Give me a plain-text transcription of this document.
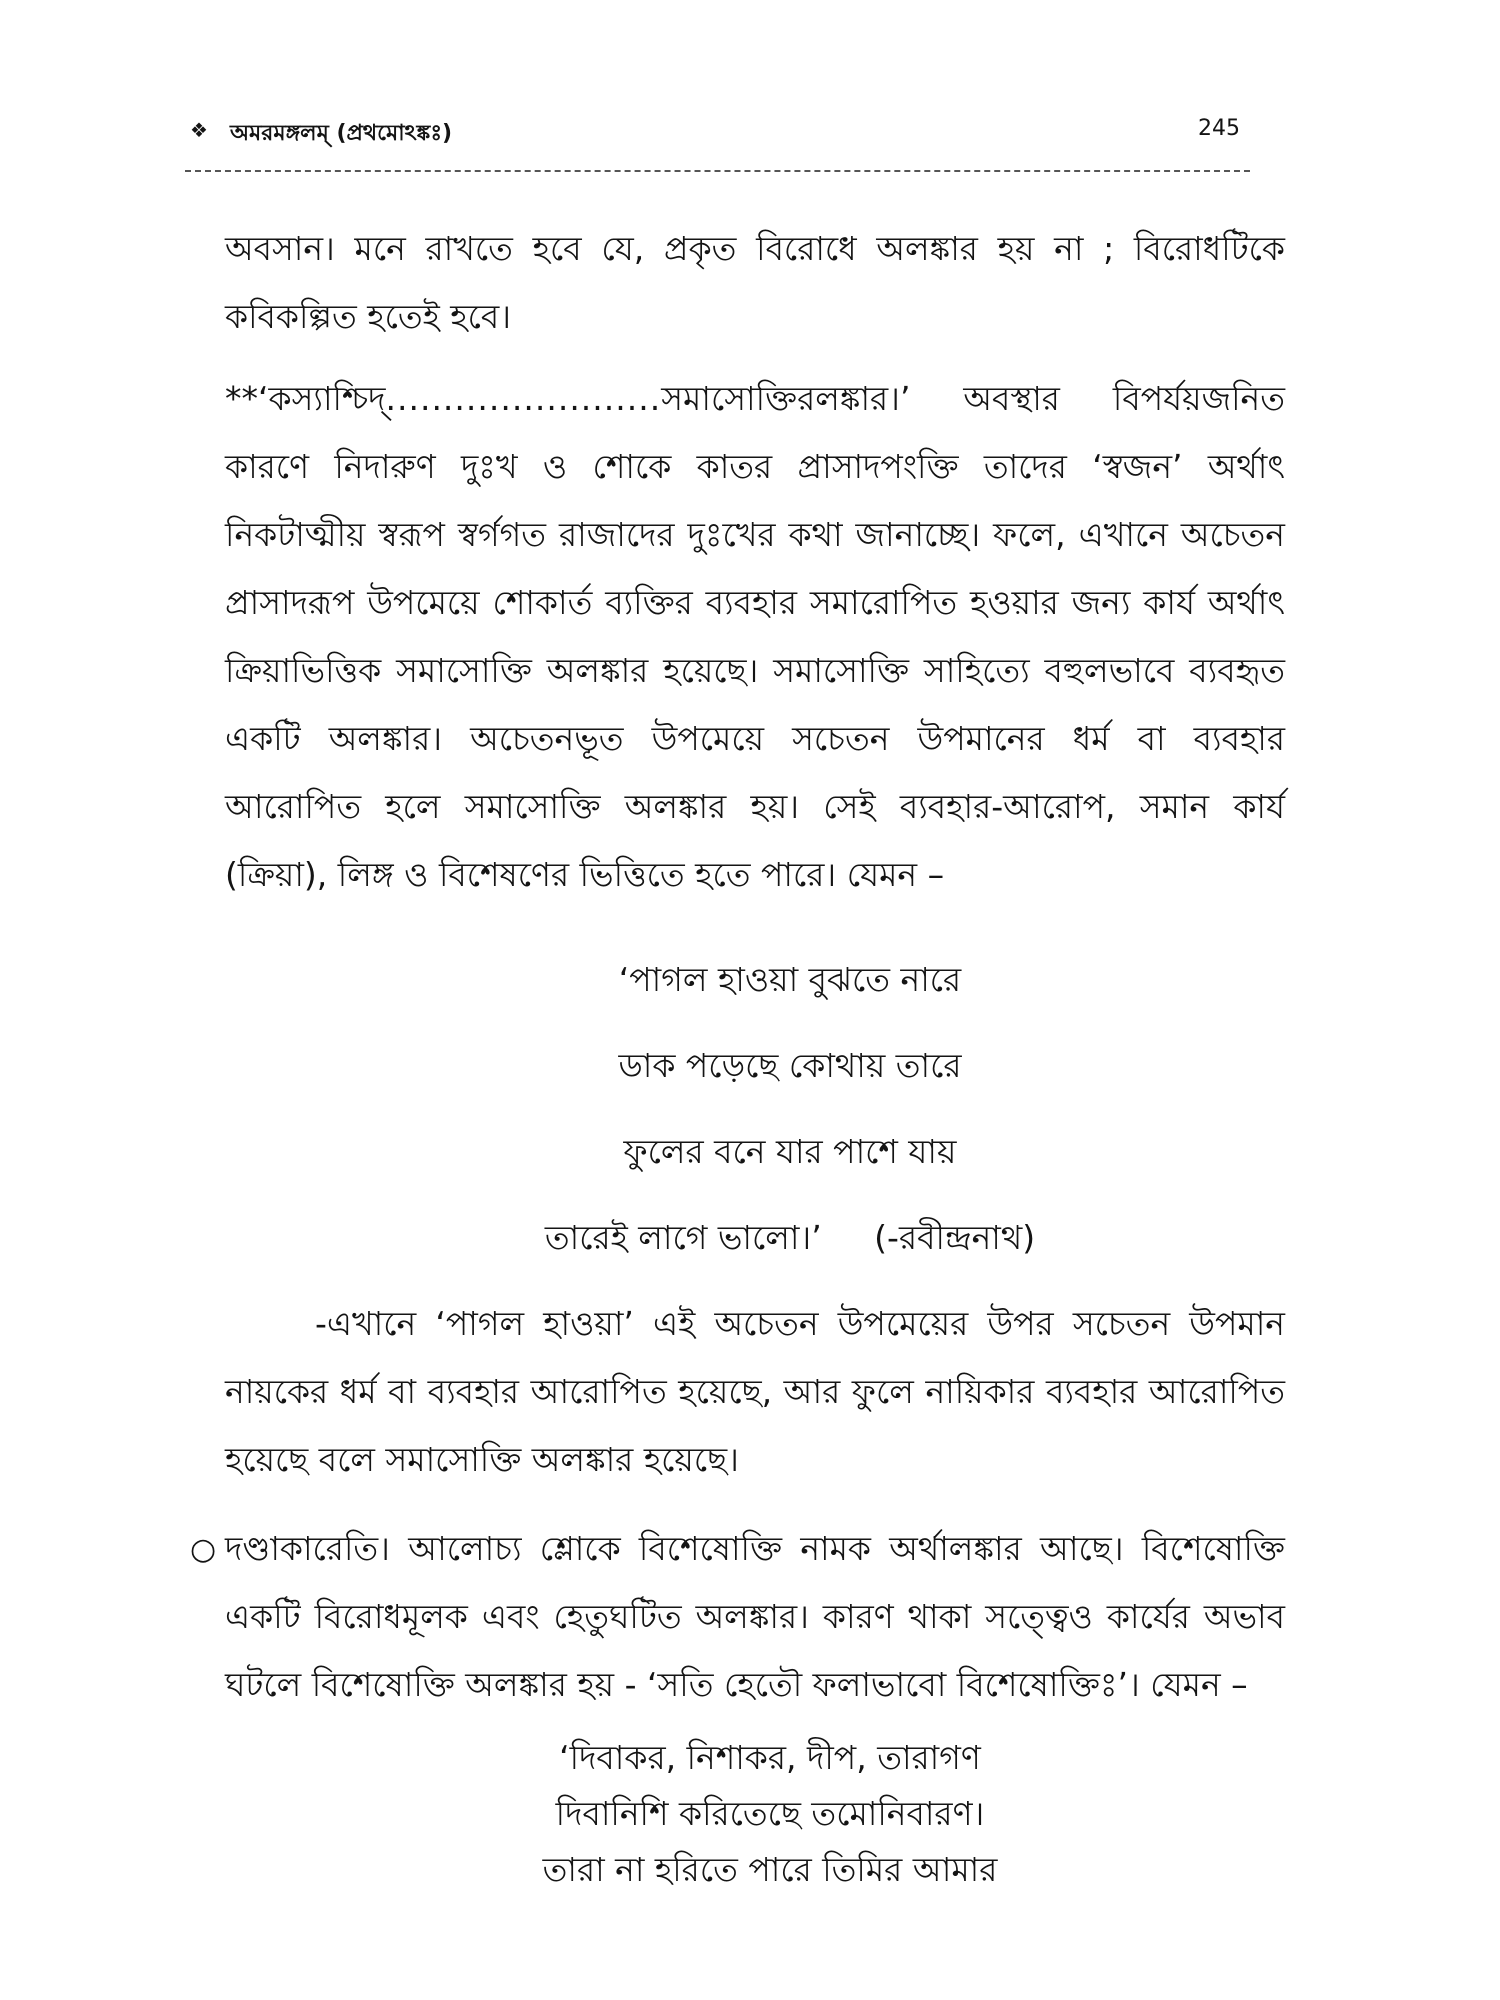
❖ অমরমঙ্গলম্ (প্রথমোঽঙ্কঃ)	245

অবসান। মনে রাখতে হবে যে, প্রকৃত বিরোধে অলঙ্কার হয় না ; বিরোধটিকে কবিকল্পিত হতেই হবে।

**‘কস্যাশ্চিদ্........................সমাসোক্তিরলঙ্কার।’ অবস্থার বিপর্যয়জনিত কারণে নিদারুণ দুঃখ ও শোকে কাতর প্রাসাদপংক্তি তাদের ‘স্বজন’ অর্থাৎ নিকটাত্মীয় স্বরূপ স্বর্গগত রাজাদের দুঃখের কথা জানাচ্ছে। ফলে, এখানে অচেতন প্রাসাদরূপ উপমেয়ে শোকার্ত ব্যক্তির ব্যবহার সমারোপিত হওয়ার জন্য কার্য অর্থাৎ ক্রিয়াভিত্তিক সমাসোক্তি অলঙ্কার হয়েছে। সমাসোক্তি সাহিত্যে বহুলভাবে ব্যবহৃত একটি অলঙ্কার। অচেতনভূত উপমেয়ে সচেতন উপমানের ধর্ম বা ব্যবহার আরোপিত হলে সমাসোক্তি অলঙ্কার হয়। সেই ব্যবহার-আরোপ, সমান কার্য (ক্রিয়া), লিঙ্গ ও বিশেষণের ভিত্তিতে হতে পারে। যেমন –

‘পাগল হাওয়া বুঝতে নারে
ডাক পড়েছে কোথায় তারে
ফুলের বনে যার পাশে যায়
তারেই লাগে ভালো।’ (-রবীন্দ্রনাথ)

-এখানে ‘পাগল হাওয়া’ এই অচেতন উপমেয়ের উপর সচেতন উপমান নায়কের ধর্ম বা ব্যবহার আরোপিত হয়েছে, আর ফুলে নায়িকার ব্যবহার আরোপিত হয়েছে বলে সমাসোক্তি অলঙ্কার হয়েছে।

○ দণ্ডাকারেতি। আলোচ্য শ্লোকে বিশেষোক্তি নামক অর্থালঙ্কার আছে। বিশেষোক্তি একটি বিরোধমূলক এবং হেতুঘটিত অলঙ্কার। কারণ থাকা সত্ত্বেও কার্যের অভাব ঘটলে বিশেষোক্তি অলঙ্কার হয় - ‘সতি হেতৌ ফলাভাবো বিশেষোক্তিঃ’। যেমন –

‘দিবাকর, নিশাকর, দীপ, তারাগণ
দিবানিশি করিতেছে তমোনিবারণ।
তারা না হরিতে পারে তিমির আমার
